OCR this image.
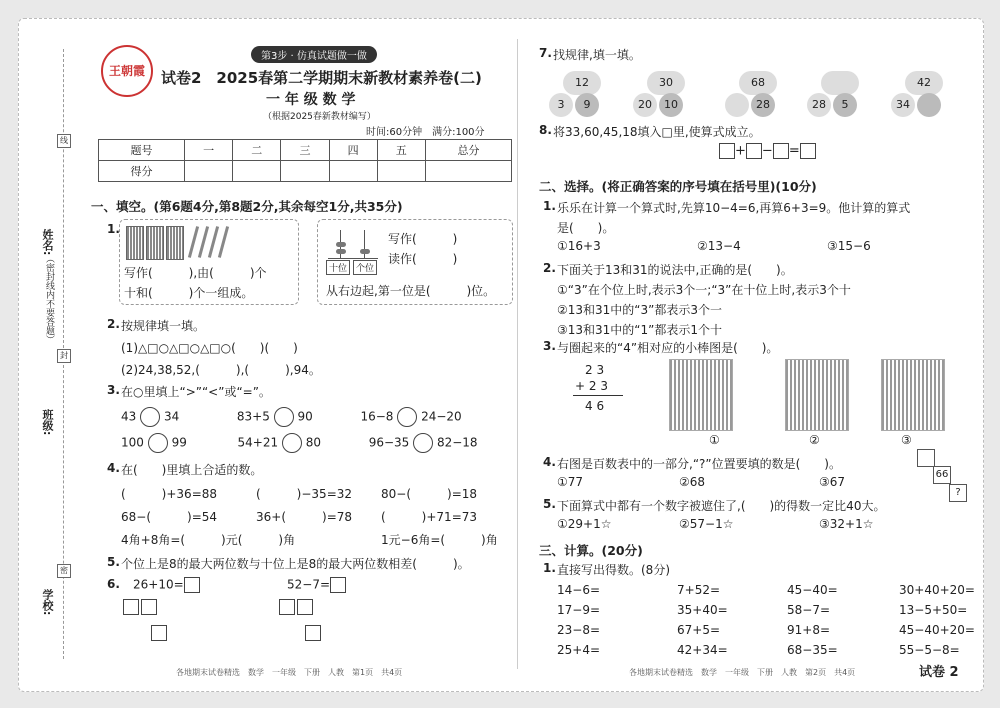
姓名:
班级:
学校:
（密封线内不要答题）
线
封
密
王朝霞
第3步 · 仿真试题做一做
试卷2　2025春第二学期期末新教材素养卷(二)
一 年 级 数 学
（根据2025春新教材编写）
时间:60分钟　满分:100分
题号	一	二	三	四	五	总分
得分						
一、填空。(第6题4分,第8题2分,其余每空1分,共35分)
1.
写作(　　　),由(　　　)个
十和(　　　)个一组成。
十位 个位
写作(　　　)
读作(　　　)
从右边起,第一位是(　　　)位。
2. 按规律填一填。
(1)△□○△□○△□○(　　)(　　)
(2)24,38,52,(　　　),(　　　),94。
3. 在○里填上“>”“<”或“=”。
43 34	83+5 90	16−8 24−20
100 99	54+21 80	96−35 82−18
4. 在(　　)里填上合适的数。
(　　　)+36=88	(　　　)−35=32 80−(　　　)=18
68−(　　　)=54	36+(　　　)=78 (　　　)+71=73
4角+8角=(　　　)元(　　　)角	1元−6角=(　　　)角
5. 个位上是8的最大两位数与十位上是8的最大两位数相差(　　　)。
6. 26+10=	52−7=
各地期末试卷精选　数学　一年级　下册　人教　第1页　共4页
7. 找规律,填一填。
12
3	9
30
20	10
68
28	28	5
42
34
8. 将33,60,45,18填入□里,使算式成立。
+ − =
二、选择。(将正确答案的序号填在括号里)(10分)
1. 乐乐在计算一个算式时,先算10−4=6,再算6+3=9。他计算的算式
是(　　)。
①16+3	②13−4	③15−6
2. 下面关于13和31的说法中,正确的是(　　)。
①“3”在个位上时,表示3个一;“3”在十位上时,表示3个十
②13和31中的“3”都表示3个一
③13和31中的“1”都表示1个十
3. 与圈起来的“4”相对应的小棒图是(　　)。
2 3
+ 2 3
4 6
①	②	③
4. 右图是百数表中的一部分,“?”位置要填的数是(　　)。
①77	②68	③67
66
?
5. 下面算式中都有一个数字被遮住了,(　　)的得数一定比40大。
①29+1☆	②57−1☆	③32+1☆
三、计算。(20分)
1. 直接写出得数。(8分)
各地期末试卷精选　数学　一年级　下册　人教　第2页　共4页	试卷 2
14−6=	7+52=	45−40=	30+40+20=
17−9=	35+40=	58−7=	13−5+50=
23−8=	67+5=	91+8=	45−40+20=
25+4=	42+34=	68−35=	55−5−8=
